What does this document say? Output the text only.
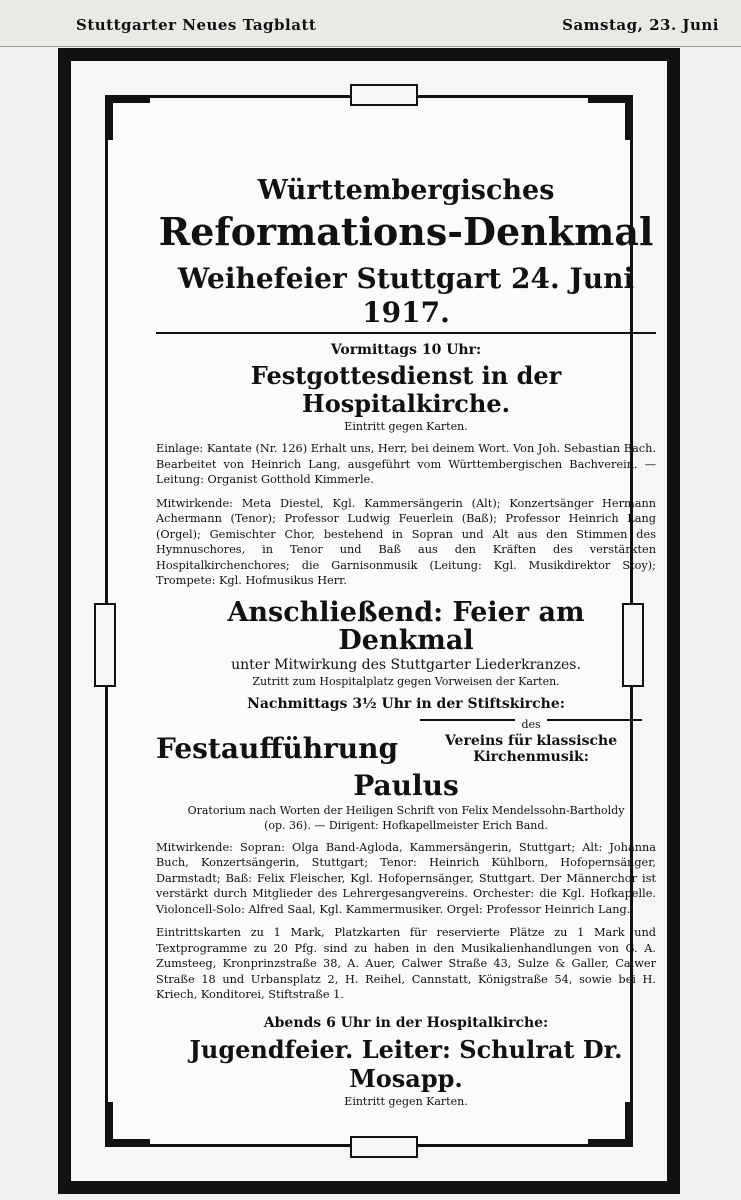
Stuttgarter Neues Tagblatt	Samstag, 23. Juni
Württembergisches
Reformations-Denkmal
Weihefeier Stuttgart 24. Juni 1917.
Vormittags 10 Uhr:
Festgottesdienst in der Hospitalkirche.
Eintritt gegen Karten.
Einlage: Kantate (Nr. 126) Erhalt uns, Herr, bei deinem Wort. Von Joh. Sebastian Bach. Bearbeitet von Heinrich Lang, ausgeführt vom Württembergischen Bachverein. — Leitung: Organist Gotthold Kimmerle.
Mitwirkende: Meta Diestel, Kgl. Kammersängerin (Alt); Konzertsänger Hermann Achermann (Tenor); Professor Ludwig Feuerlein (Baß); Professor Heinrich Lang (Orgel); Gemischter Chor, bestehend in Sopran und Alt aus den Stimmen des Hymnuschores, in Tenor und Baß aus den Kräften des verstärkten Hospitalkirchenchores; die Garnisonmusik (Leitung: Kgl. Musikdirektor Stoy); Trompete: Kgl. Hofmusikus Herr.
Anschließend: Feier am Denkmal
unter Mitwirkung des Stuttgarter Liederkranzes.
Zutritt zum Hospitalplatz gegen Vorweisen der Karten.
Nachmittags 3½ Uhr in der Stiftskirche:
Festaufführung
des
Vereins für klassische Kirchenmusik:
Paulus
Oratorium nach Worten der Heiligen Schrift von Felix Mendelssohn-Bartholdy
(op. 36). — Dirigent: Hofkapellmeister Erich Band.
Mitwirkende: Sopran: Olga Band-Agloda, Kammersängerin, Stuttgart; Alt: Johanna Buch, Konzertsängerin, Stuttgart; Tenor: Heinrich Kühlborn, Hofopernsänger, Darmstadt; Baß: Felix Fleischer, Kgl. Hofopernsänger, Stuttgart. Der Männerchor ist verstärkt durch Mitglieder des Lehrergesangvereins. Orchester: die Kgl. Hofkapelle. Violoncell-Solo: Alfred Saal, Kgl. Kammermusiker. Orgel: Professor Heinrich Lang.
Eintrittskarten zu 1 Mark, Platzkarten für reservierte Plätze zu 1 Mark und Textprogramme zu 20 Pfg. sind zu haben in den Musikalienhandlungen von G. A. Zumsteeg, Kronprinzstraße 38, A. Auer, Calwer Straße 43, Sulze & Galler, Calwer Straße 18 und Urbansplatz 2, H. Reihel, Cannstatt, Königstraße 54, sowie bei H. Kriech, Konditorei, Stiftstraße 1.
Abends 6 Uhr in der Hospitalkirche:
Jugendfeier. Leiter: Schulrat Dr. Mosapp.
Eintritt gegen Karten.
